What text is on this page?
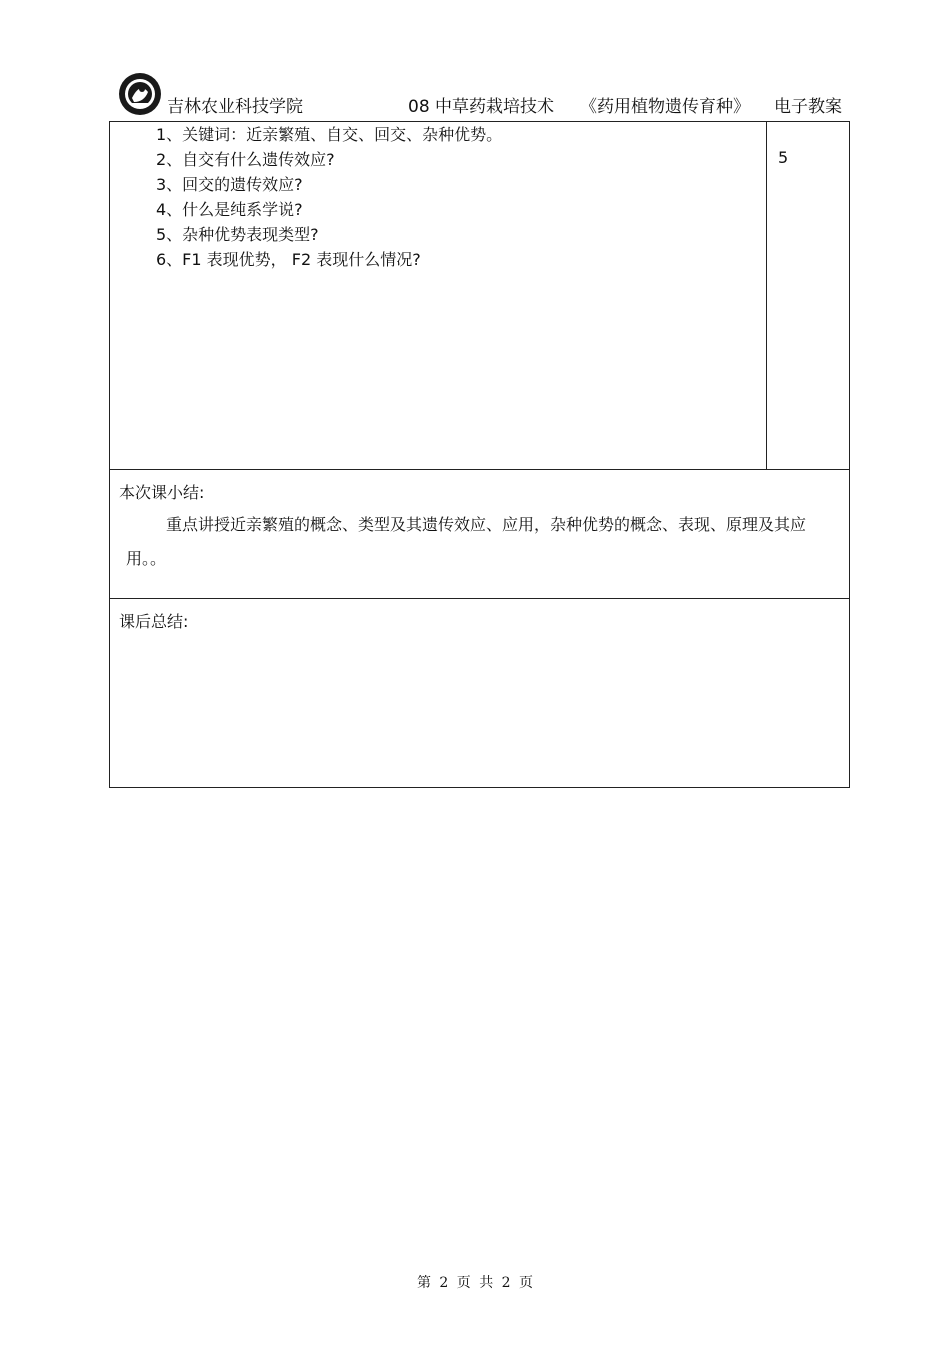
吉林农业科技学院	08 中草药栽培技术 《药用植物遗传育种》 电子教案
1、关键词：近亲繁殖、自交、回交、杂种优势。
2、自交有什么遗传效应?
3、回交的遗传效应?
4、什么是纯系学说?
5、杂种优势表现类型?
6、F1 表现优势， F2 表现什么情况?
5
本次课小结:
重点讲授近亲繁殖的概念、类型及其遗传效应、应用，杂种优势的概念、表现、原理及其应用。。
课后总结:
第 2 页 共 2 页
